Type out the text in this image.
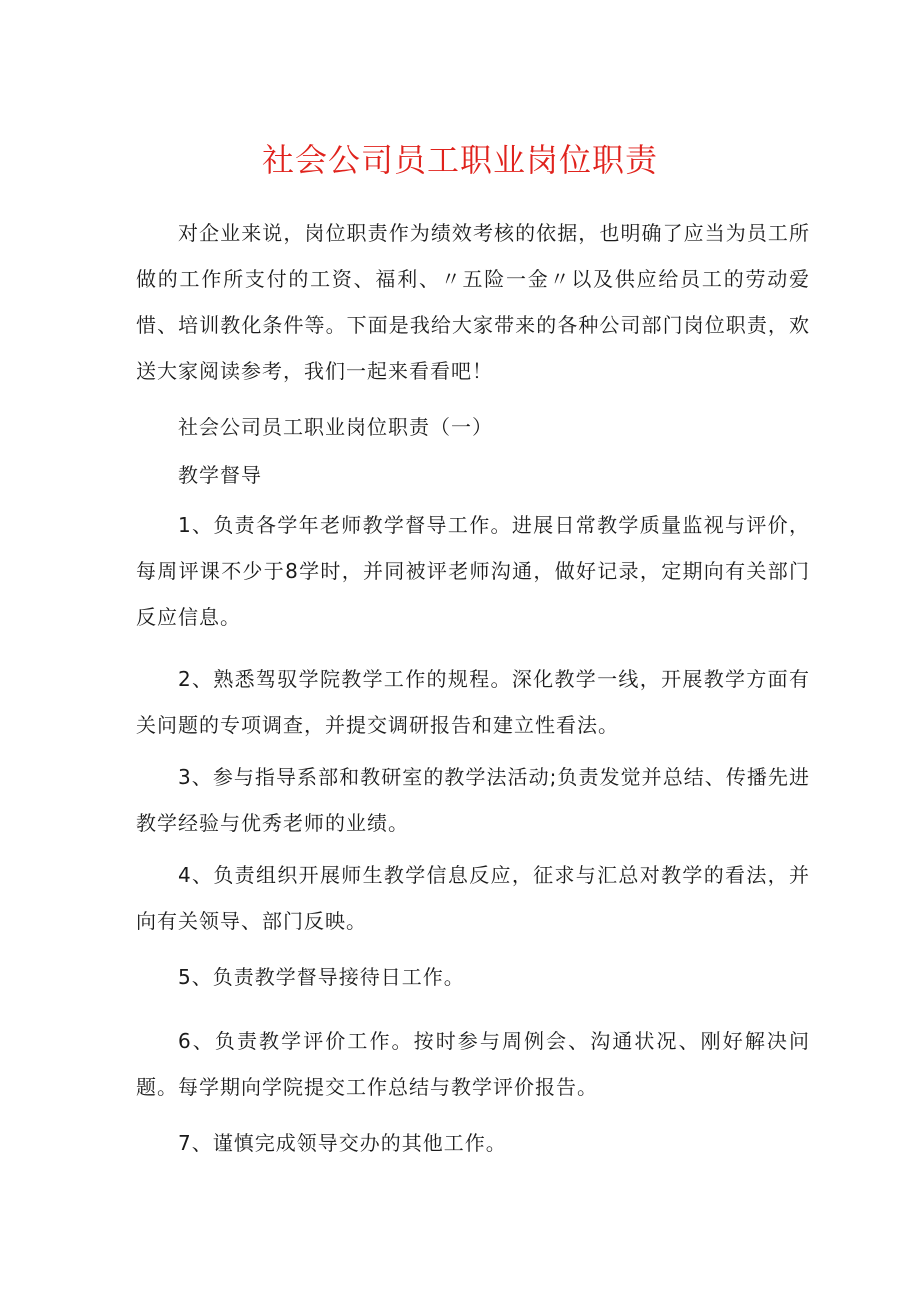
社会公司员工职业岗位职责

对企业来说，岗位职责作为绩效考核的依据，也明确了应当为员工所做的工作所支付的工资、福利、〃五险一金〃以及供应给员工的劳动爱惜、培训教化条件等。下面是我给大家带来的各种公司部门岗位职责，欢送大家阅读参考，我们一起来看看吧！

社会公司员工职业岗位职责（一）

教学督导

1、负责各学年老师教学督导工作。进展日常教学质量监视与评价，每周评课不少于8学时，并同被评老师沟通，做好记录，定期向有关部门反应信息。

2、熟悉驾驭学院教学工作的规程。深化教学一线，开展教学方面有关问题的专项调查，并提交调研报告和建立性看法。

3、参与指导系部和教研室的教学法活动;负责发觉并总结、传播先进教学经验与优秀老师的业绩。

4、负责组织开展师生教学信息反应，征求与汇总对教学的看法，并向有关领导、部门反映。

5、负责教学督导接待日工作。

6、负责教学评价工作。按时参与周例会、沟通状况、刚好解决问题。每学期向学院提交工作总结与教学评价报告。

7、谨慎完成领导交办的其他工作。
